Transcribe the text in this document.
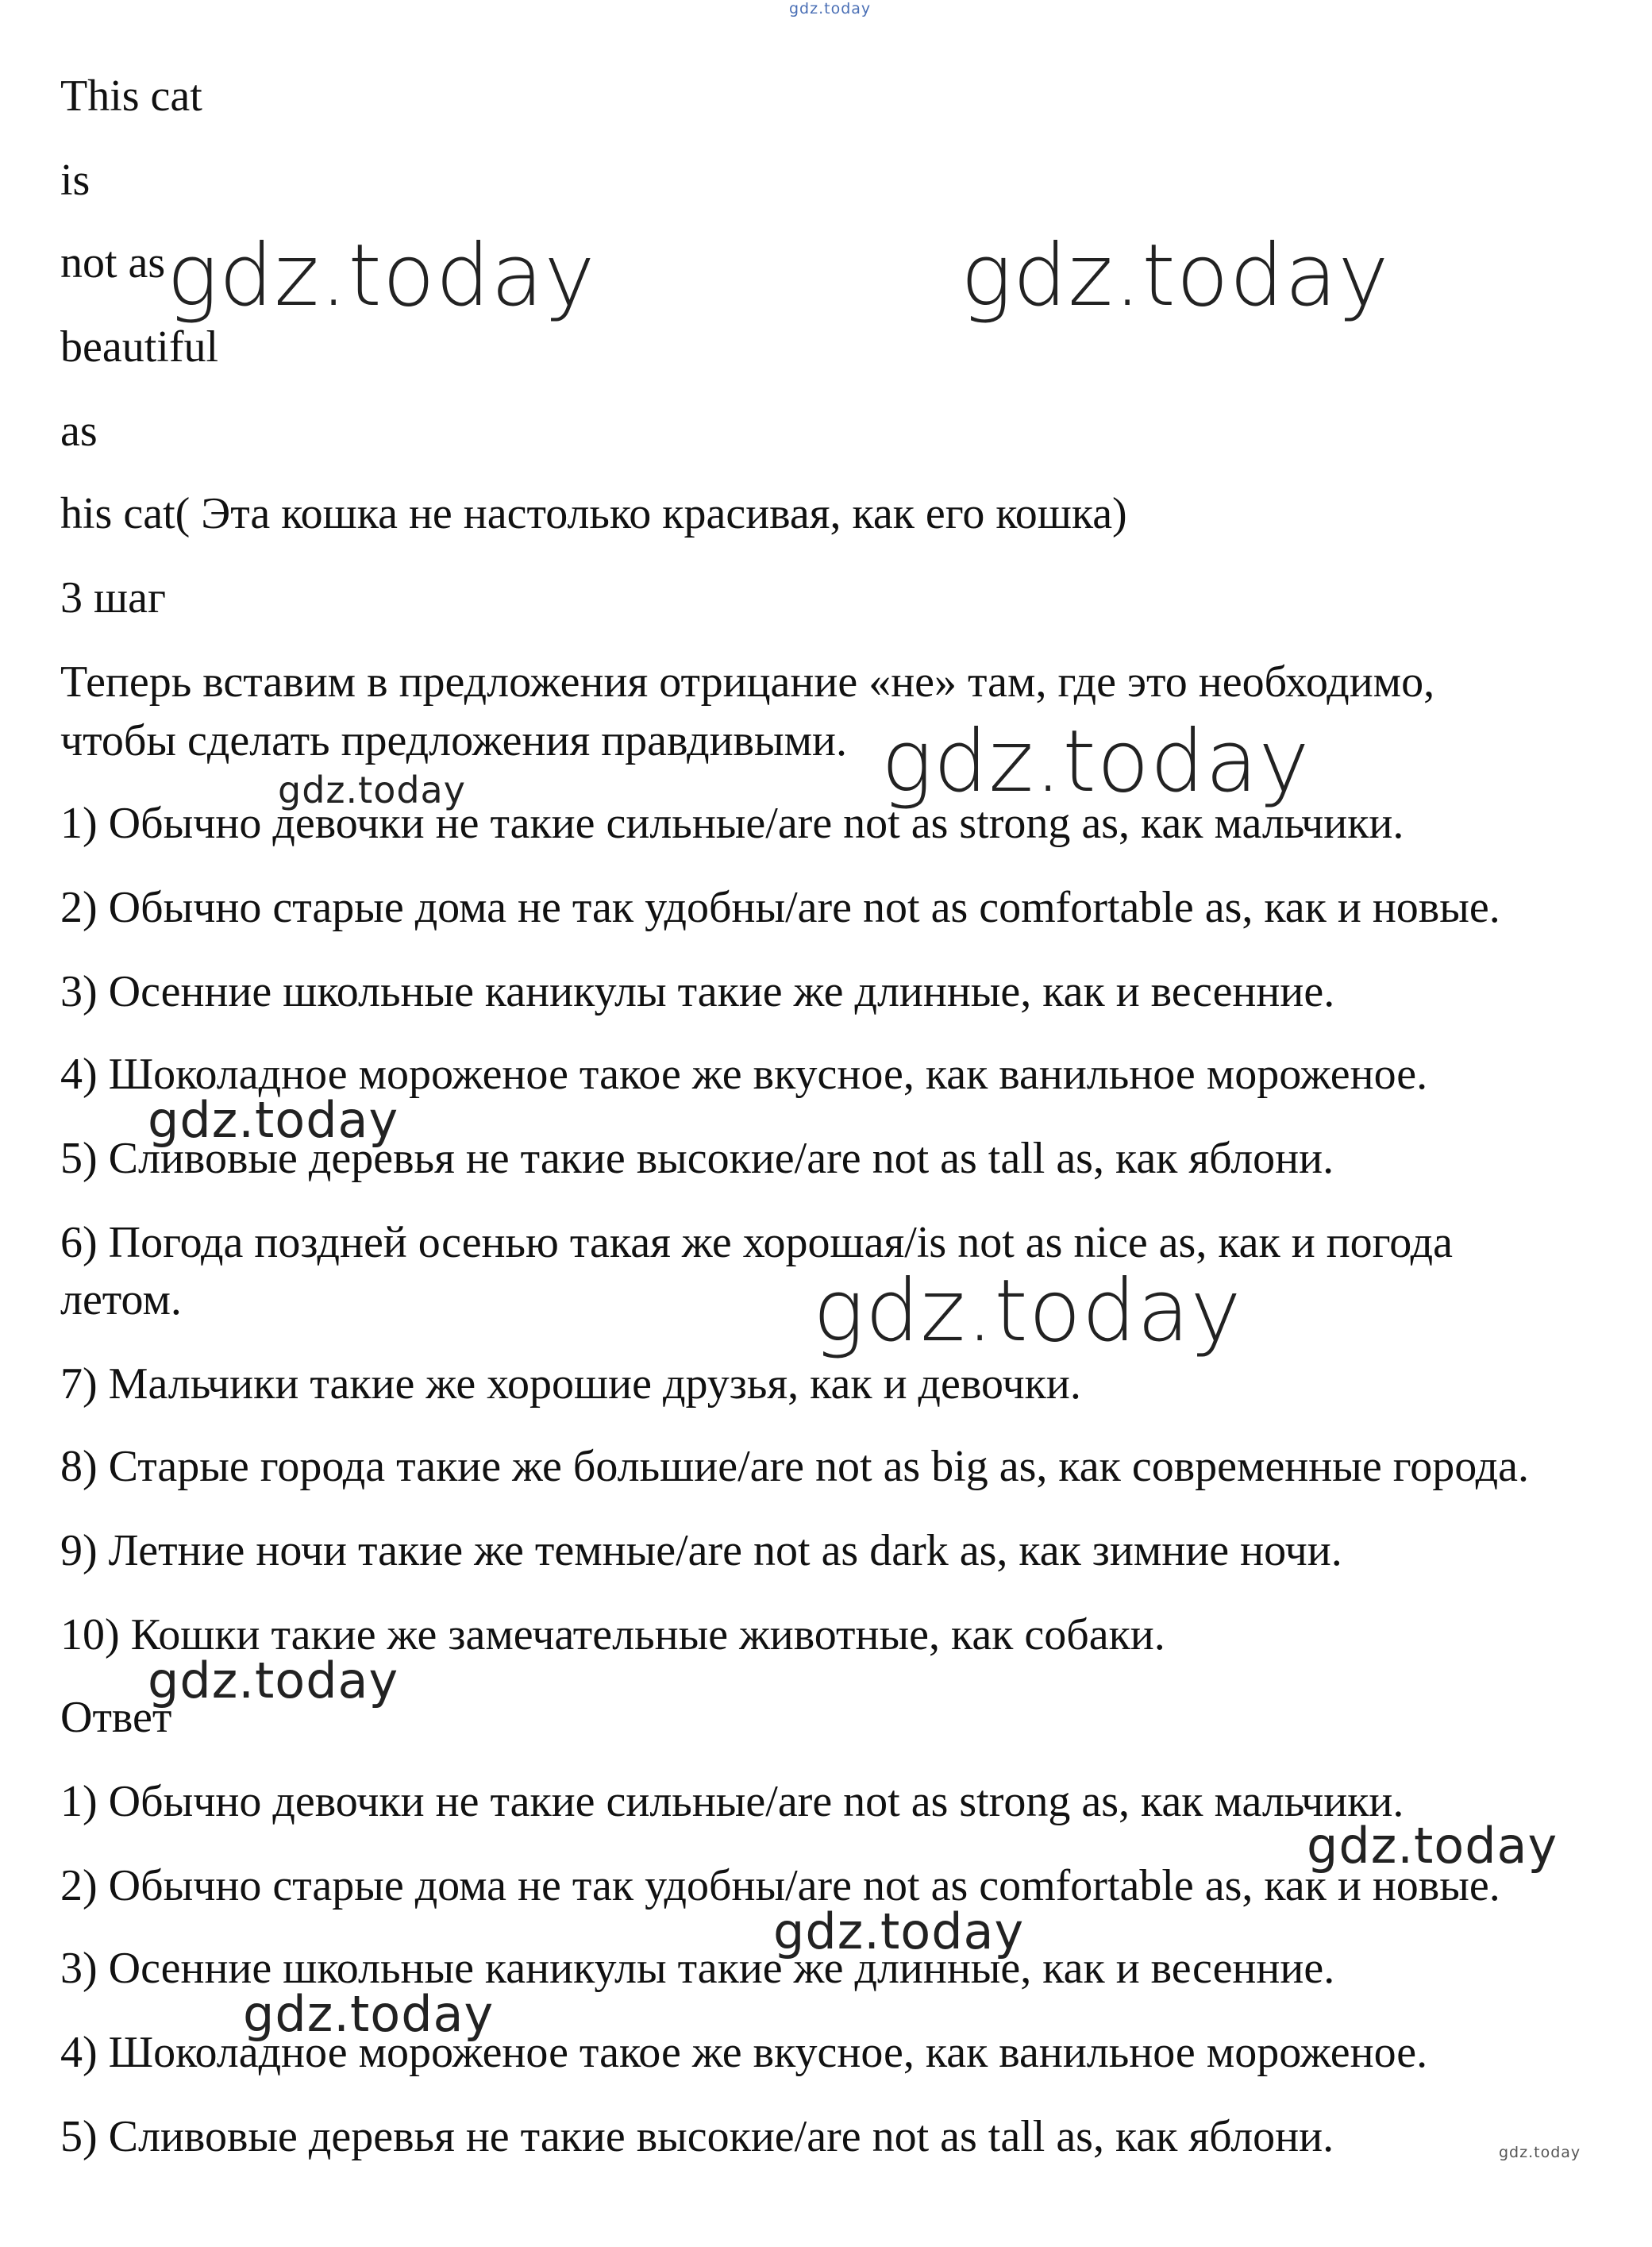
gdz.today
This cat
is
not as
beautiful
as
his cat( Эта кошка не настолько красивая, как его кошка)
3 шаг
Теперь вставим в предложения отрицание «не» там, где это необходимо,
чтобы сделать предложения правдивыми.
1) Обычно девочки не такие сильные/are not as strong as, как мальчики.
2) Обычно старые дома не так удобны/are not as comfortable as, как и новые.
3) Осенние школьные каникулы такие же длинные, как и весенние.
4) Шоколадное мороженое такое же вкусное, как ванильное мороженое.
5) Сливовые деревья не такие высокие/are not as tall as, как яблони.
6) Погода поздней осенью такая же хорошая/is not as nice as, как и погода
летом.
7) Мальчики такие же хорошие друзья, как и девочки.
8) Старые города такие же большие/are not as big as, как современные города.
9) Летние ночи такие же темные/are not as dark as, как зимние ночи.
10) Кошки такие же замечательные животные, как собаки.
Ответ
1) Обычно девочки не такие сильные/are not as strong as, как мальчики.
2) Обычно старые дома не так удобны/are not as comfortable as, как и новые.
3) Осенние школьные каникулы такие же длинные, как и весенние.
4) Шоколадное мороженое такое же вкусное, как ванильное мороженое.
5) Сливовые деревья не такие высокие/are not as tall as, как яблони.
gdz.today	gdz.today
gdz.today
gdz.today
gdz.today
gdz.today
gdz.today
gdz.today
gdz.today
gdz.today
gdz.today
